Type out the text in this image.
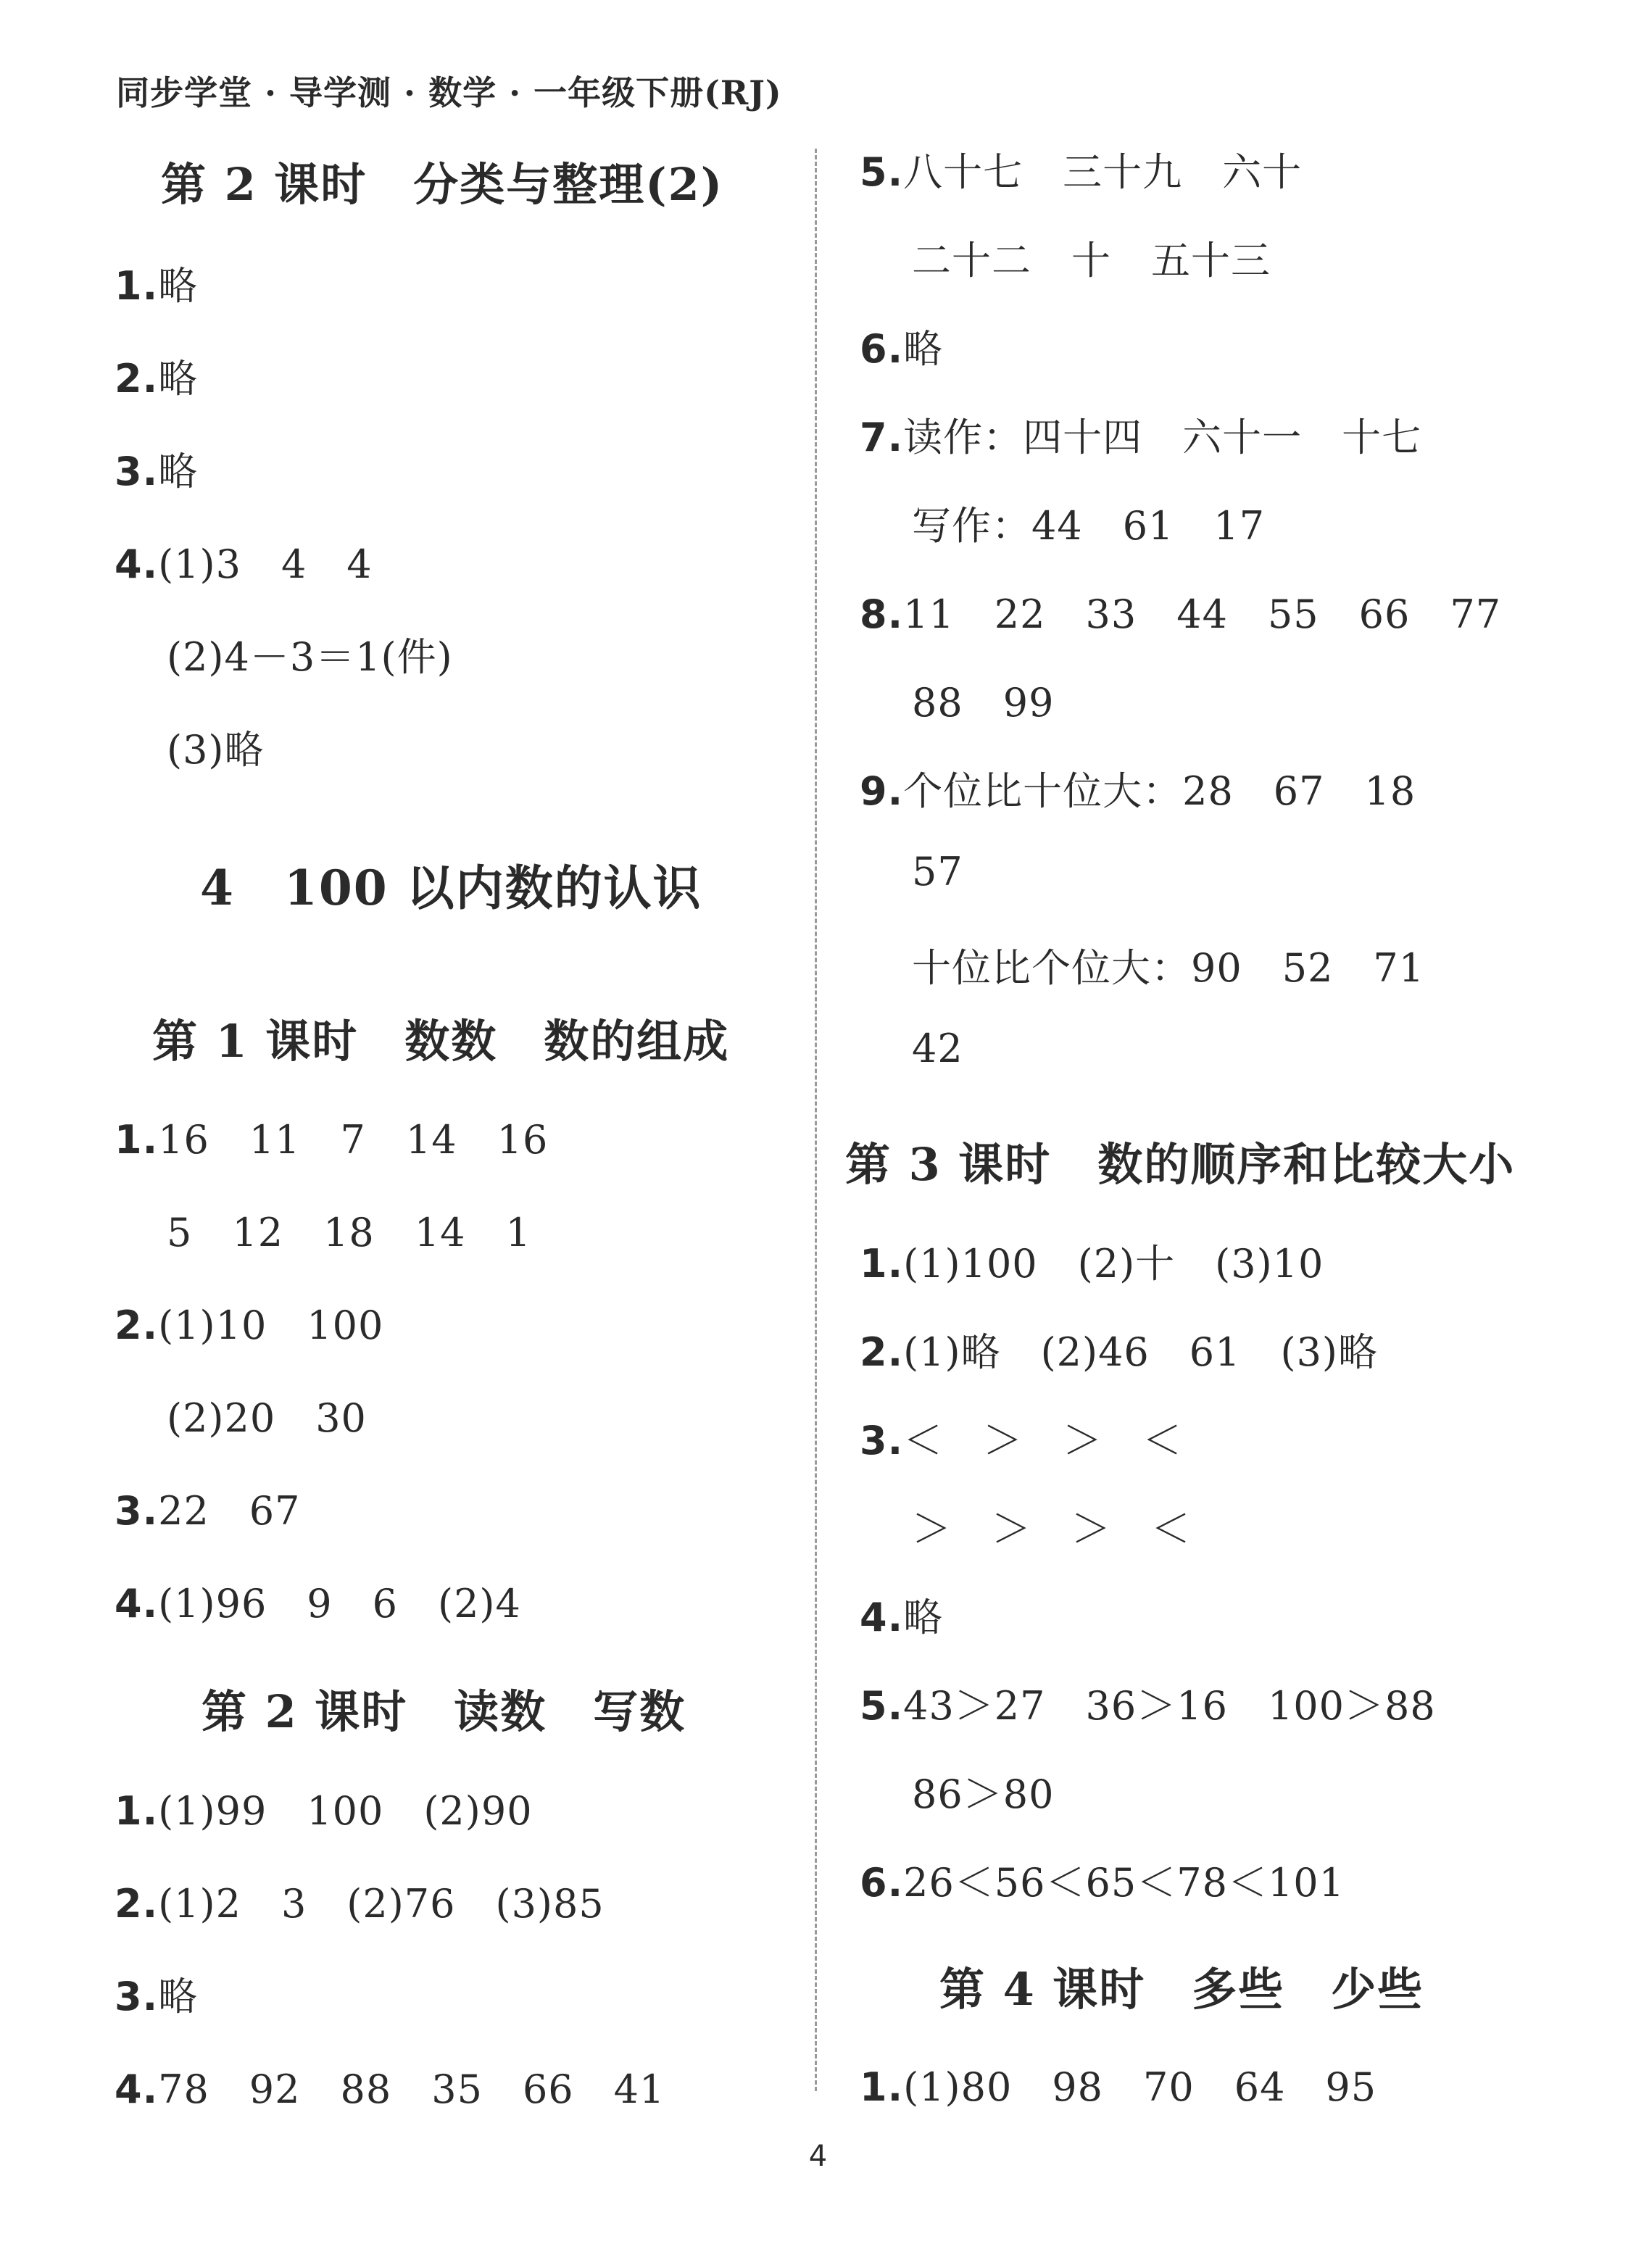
同步学堂 · 导学测 · 数学 · 一年级下册(RJ)
第 2 课时　分类与整理(2)
1.略
2.略
3.略
4.(1)3　4　4
(2)4－3＝1(件)
(3)略
4　100 以内数的认识
第 1 课时　数数　数的组成
1.16　11　7　14　16
5　12　18　14　1
2.(1)10　100
(2)20　30
3.22　67
4.(1)96　9　6　(2)4
第 2 课时　读数　写数
1.(1)99　100　(2)90
2.(1)2　3　(2)76　(3)85
3.略
4.78　92　88　35　66　41
5.八十七　三十九　六十
二十二　十　五十三
6.略
7.读作：四十四　六十一　十七
写作：44　61　17
8.11　22　33　44　55　66　77
88　99
9.个位比十位大：28　67　18
57
十位比个位大：90　52　71
42
第 3 课时　数的顺序和比较大小
1.(1)100　(2)十　(3)10
2.(1)略　(2)46　61　(3)略
3.＜　＞　＞　＜
＞　＞　＞　＜
4.略
5.43＞27　36＞16　100＞88
86＞80
6.26＜56＜65＜78＜101
第 4 课时　多些　少些
1.(1)80　98　70　64　95
4
